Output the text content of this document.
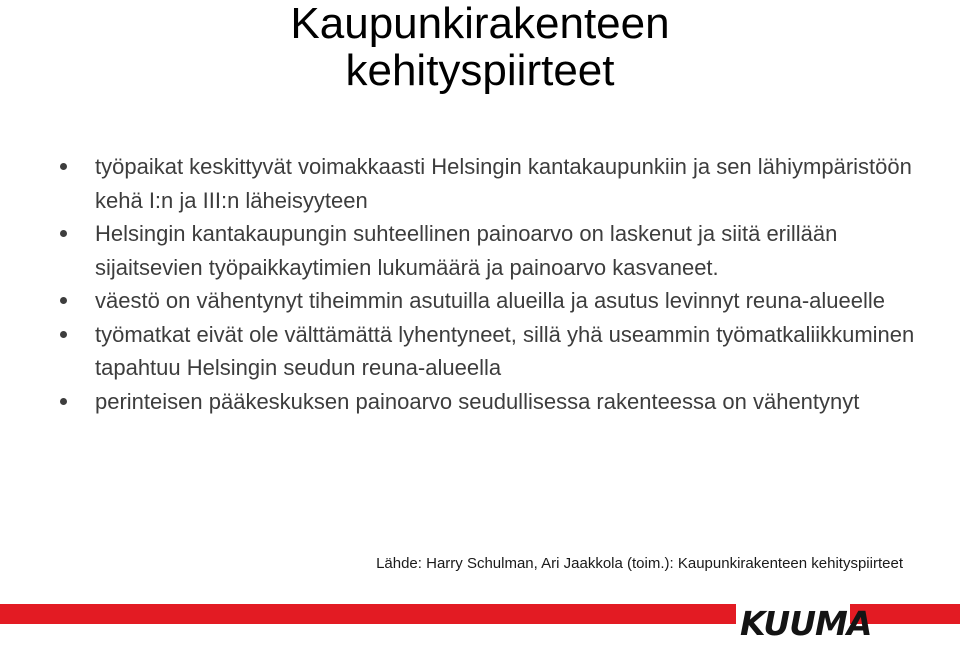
Kaupunkirakenteen
kehityspiirteet
työpaikat keskittyvät voimakkaasti Helsingin kantakaupunkiin ja sen lähiympäristöön kehä I:n ja III:n läheisyyteen
Helsingin kantakaupungin suhteellinen painoarvo on laskenut ja siitä erillään sijaitsevien työpaikkaytimien lukumäärä ja painoarvo kasvaneet.
väestö on vähentynyt tiheimmin asutuilla alueilla ja asutus levinnyt reuna-alueelle
työmatkat eivät ole välttämättä lyhentyneet, sillä yhä useammin työmatkaliikkuminen tapahtuu Helsingin seudun reuna-alueella
perinteisen pääkeskuksen painoarvo seudullisessa rakenteessa on vähentynyt
Lähde: Harry Schulman, Ari Jaakkola (toim.): Kaupunkirakenteen kehityspiirteet
KUUMA
